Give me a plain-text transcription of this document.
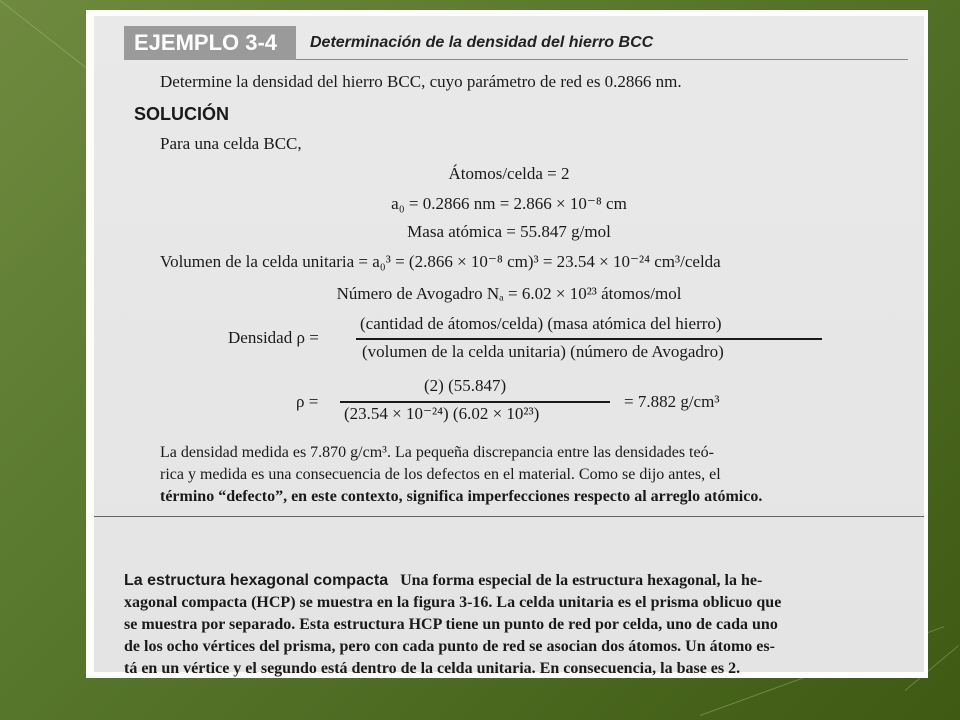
EJEMPLO 3-4	Determinación de la densidad del hierro BCC
Determine la densidad del hierro BCC, cuyo parámetro de red es 0.2866 nm.
SOLUCIÓN
Para una celda BCC,
Átomos/celda = 2
a₀ = 0.2866 nm = 2.866 × 10⁻⁸ cm
Masa atómica = 55.847 g/mol
Volumen de la celda unitaria = a₀³ = (2.866 × 10⁻⁸ cm)³ = 23.54 × 10⁻²⁴ cm³/celda
Número de Avogadro Nₐ = 6.02 × 10²³ átomos/mol
Densidad ρ =
(cantidad de átomos/celda) (masa atómica del hierro)
(volumen de la celda unitaria) (número de Avogadro)
ρ =
(2) (55.847)
(23.54 × 10⁻²⁴) (6.02 × 10²³)
= 7.882 g/cm³
La densidad medida es 7.870 g/cm³. La pequeña discrepancia entre las densidades teó-
rica y medida es una consecuencia de los defectos en el material. Como se dijo antes, el
término “defecto”, en este contexto, significa imperfecciones respecto al arreglo atómico.
La estructura hexagonal compacta Una forma especial de la estructura hexagonal, la he-
xagonal compacta (HCP) se muestra en la figura 3-16. La celda unitaria es el prisma oblicuo que
se muestra por separado. Esta estructura HCP tiene un punto de red por celda, uno de cada uno
de los ocho vértices del prisma, pero con cada punto de red se asocian dos átomos. Un átomo es-
tá en un vértice y el segundo está dentro de la celda unitaria. En consecuencia, la base es 2.
